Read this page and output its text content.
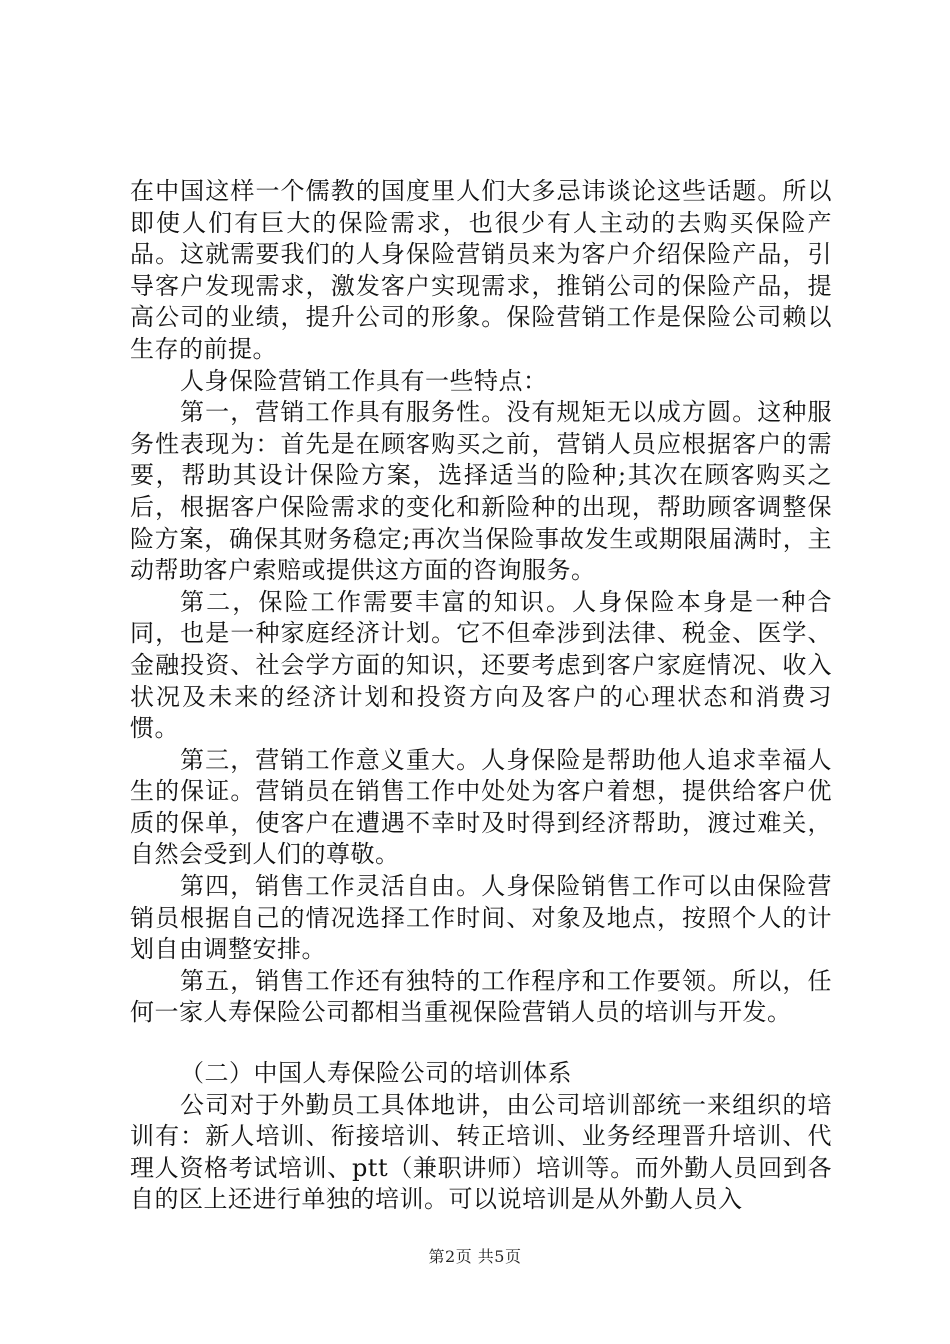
在中国这样一个儒教的国度里人们大多忌讳谈论这些话题。所以即使人们有巨大的保险需求，也很少有人主动的去购买保险产品。这就需要我们的人身保险营销员来为客户介绍保险产品，引导客户发现需求，激发客户实现需求，推销公司的保险产品，提高公司的业绩，提升公司的形象。保险营销工作是保险公司赖以生存的前提。

人身保险营销工作具有一些特点：

第一，营销工作具有服务性。没有规矩无以成方圆。这种服务性表现为：首先是在顾客购买之前，营销人员应根据客户的需要，帮助其设计保险方案，选择适当的险种;其次在顾客购买之后，根据客户保险需求的变化和新险种的出现，帮助顾客调整保险方案，确保其财务稳定;再次当保险事故发生或期限届满时，主动帮助客户索赔或提供这方面的咨询服务。

第二，保险工作需要丰富的知识。人身保险本身是一种合同，也是一种家庭经济计划。它不但牵涉到法律、税金、医学、金融投资、社会学方面的知识，还要考虑到客户家庭情况、收入状况及未来的经济计划和投资方向及客户的心理状态和消费习惯。

第三，营销工作意义重大。人身保险是帮助他人追求幸福人生的保证。营销员在销售工作中处处为客户着想，提供给客户优质的保单，使客户在遭遇不幸时及时得到经济帮助，渡过难关，自然会受到人们的尊敬。

第四，销售工作灵活自由。人身保险销售工作可以由保险营销员根据自己的情况选择工作时间、对象及地点，按照个人的计划自由调整安排。

第五，销售工作还有独特的工作程序和工作要领。所以，任何一家人寿保险公司都相当重视保险营销人员的培训与开发。

（二）中国人寿保险公司的培训体系

公司对于外勤员工具体地讲，由公司培训部统一来组织的培训有：新人培训、衔接培训、转正培训、业务经理晋升培训、代理人资格考试培训、ptt（兼职讲师）培训等。而外勤人员回到各自的区上还进行单独的培训。可以说培训是从外勤人员入

第2页 共5页
